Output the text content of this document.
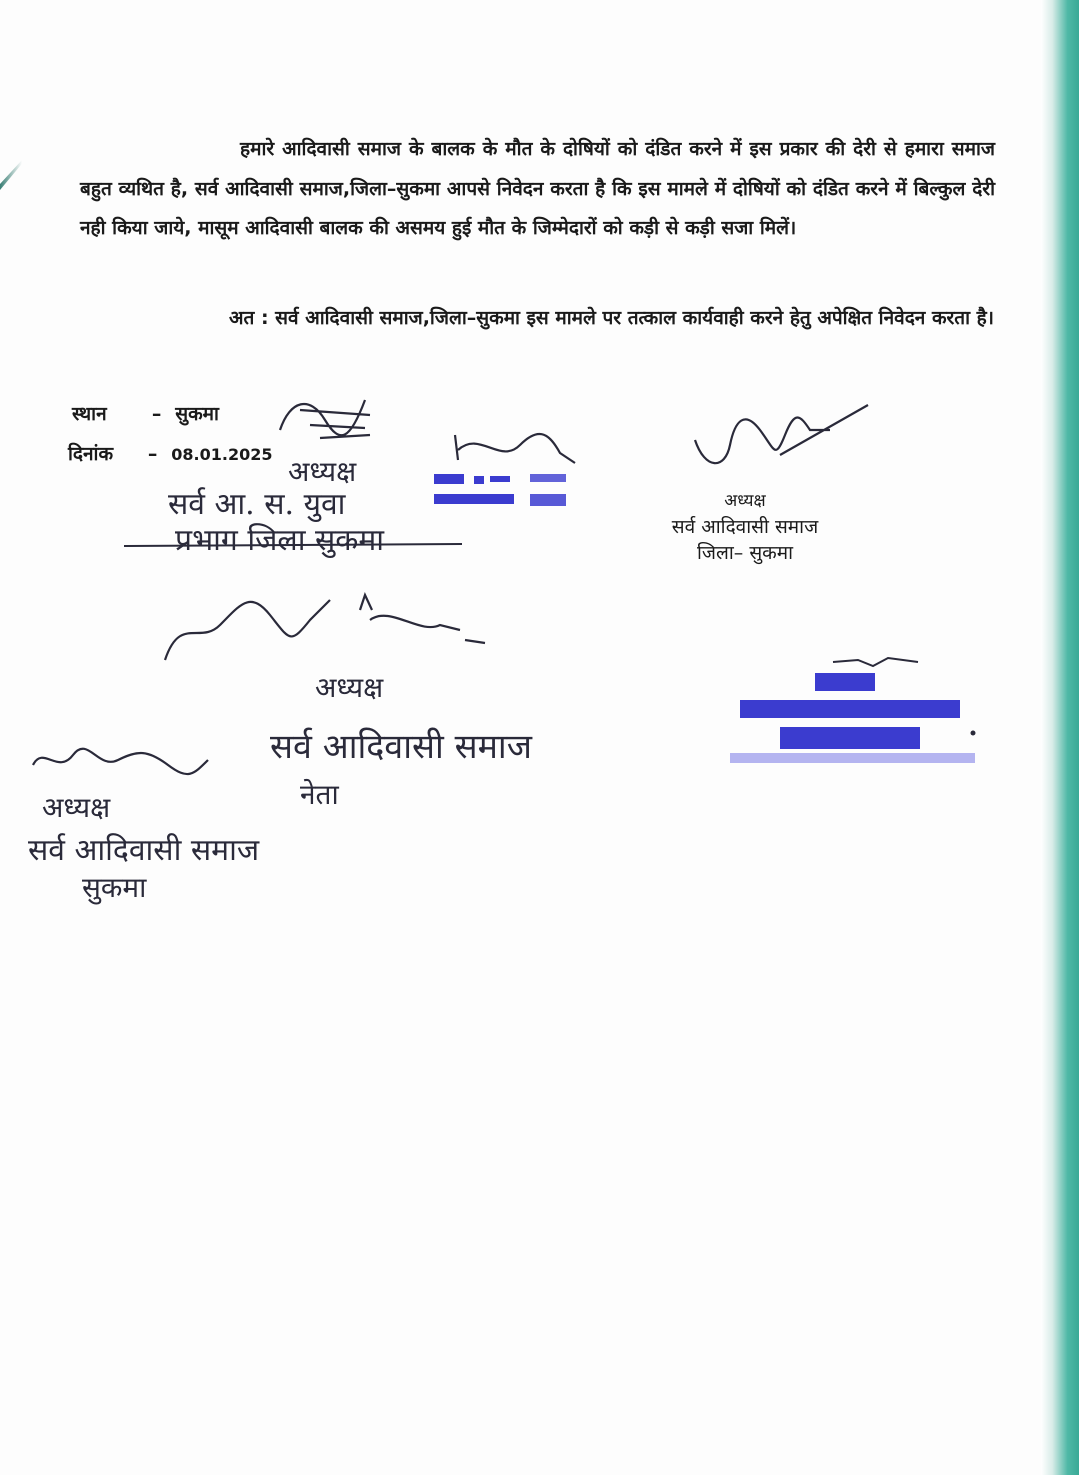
हमारे आदिवासी समाज के बालक के मौत के दोषियों को दंडित करने में इस प्रकार की देरी से हमारा समाज बहुत व्यथित है, सर्व आदिवासी समाज,जिला–सुकमा आपसे निवेदन करता है कि इस मामले में दोषियों को दंडित करने में बिल्कुल देरी नही किया जाये, मासूम आदिवासी बालक की असमय हुई मौत के जिम्मेदारों को कड़ी से कड़ी सजा मिलें।

अत : सर्व आदिवासी समाज,जिला–सुकमा इस मामले पर तत्काल कार्यवाही करने हेतु अपेक्षित निवेदन करता है।

स्थान – सुकमा
दिनांक – 08.01.2025
अध्यक्ष
सर्व आदिवासी समाज
जिला– सुकमा
अध्यक्ष
सर्व आ. स. युवा
प्रभाग जिला सुकमा
अध्यक्ष
सर्व आदिवासी समाज
नेता
अध्यक्ष
सर्व आदिवासी समाज
सुकमा
